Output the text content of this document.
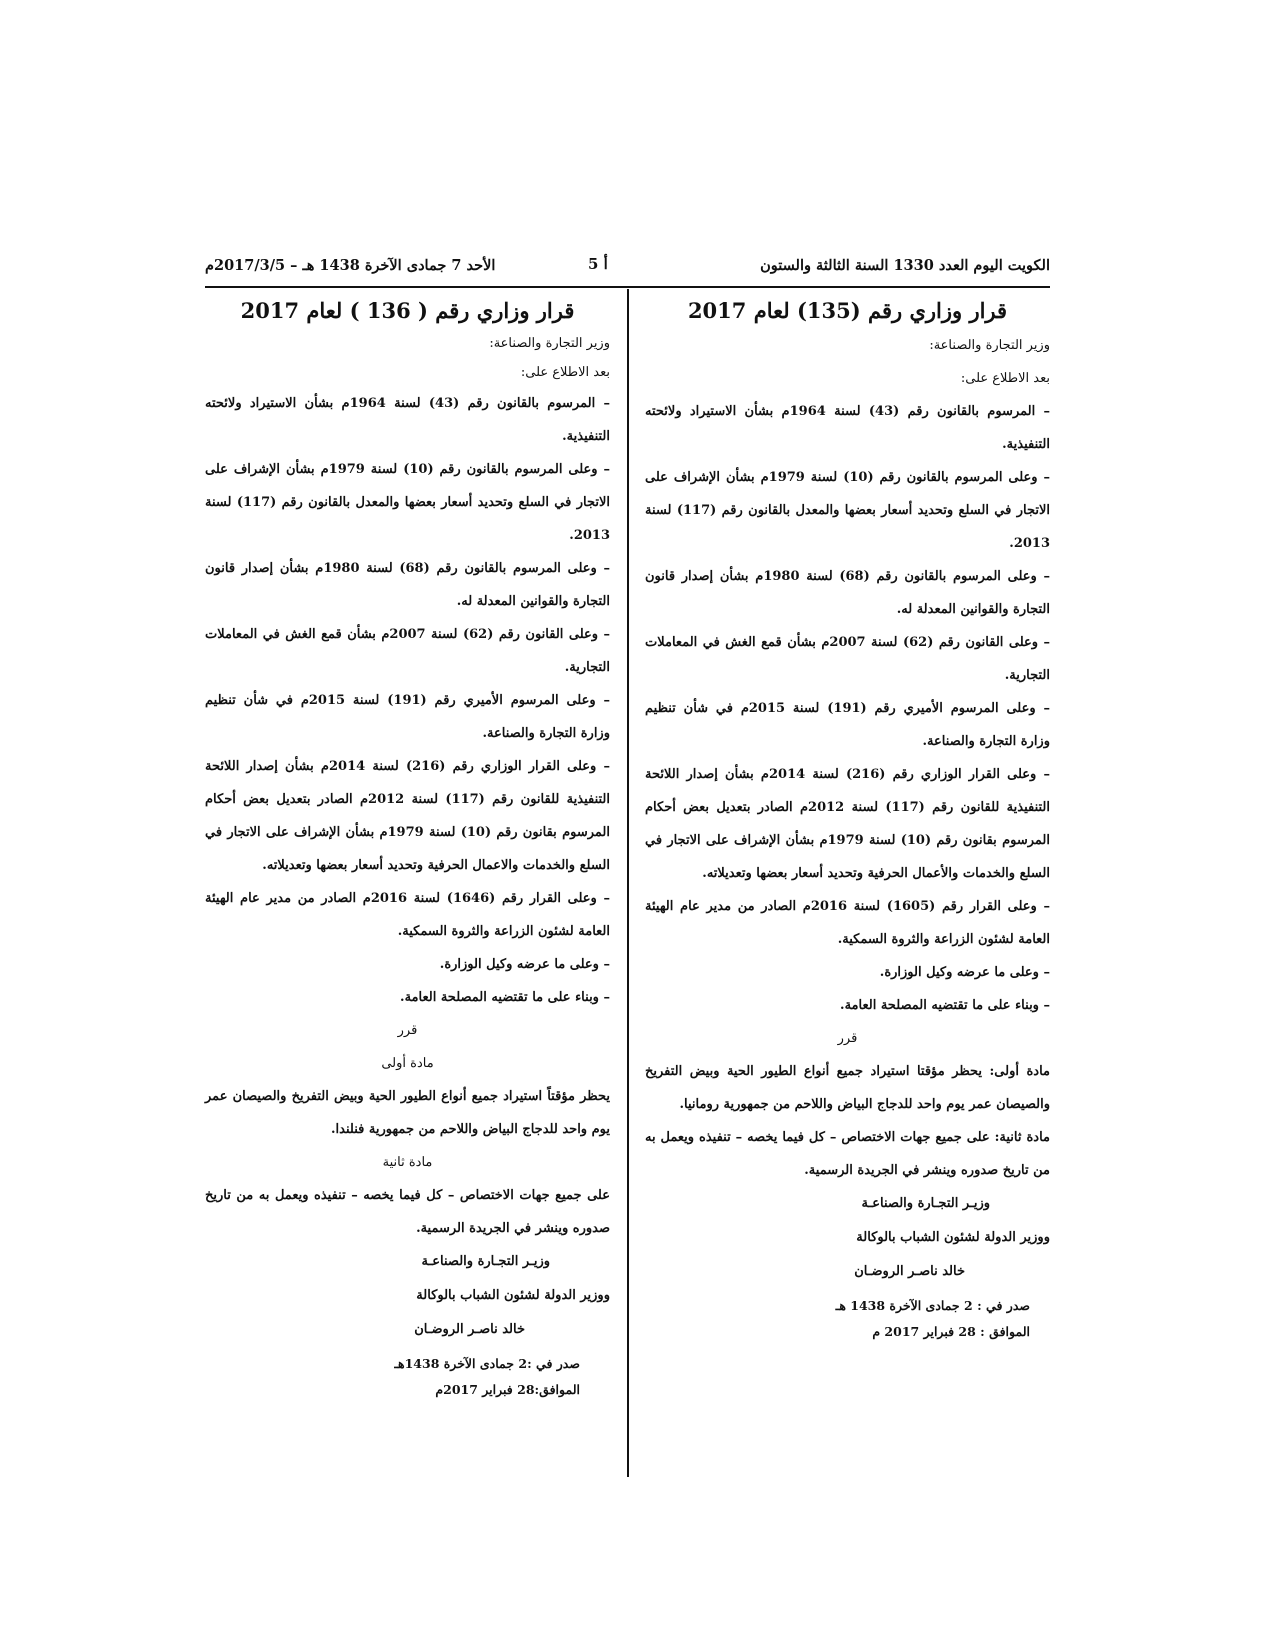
الكويت اليوم العدد 1330 السنة الثالثة والستون
أ 5
الأحد 7 جمادى الآخرة 1438 هـ – 2017/3/5م
قرار وزاري رقم (135) لعام 2017

وزير التجارة والصناعة:

بعد الاطلاع على:

– المرسوم بالقانون رقم (43) لسنة 1964م بشأن الاستيراد ولائحته التنفيذية.

– وعلى المرسوم بالقانون رقم (10) لسنة 1979م بشأن الإشراف على الاتجار في السلع وتحديد أسعار بعضها والمعدل بالقانون رقم (117) لسنة 2013.

– وعلى المرسوم بالقانون رقم (68) لسنة 1980م بشأن إصدار قانون التجارة والقوانين المعدلة له.

– وعلى القانون رقم (62) لسنة 2007م بشأن قمع الغش في المعاملات التجارية.

– وعلى المرسوم الأميري رقم (191) لسنة 2015م في شأن تنظيم وزارة التجارة والصناعة.

– وعلى القرار الوزاري رقم (216) لسنة 2014م بشأن إصدار اللائحة التنفيذية للقانون رقم (117) لسنة 2012م الصادر بتعديل بعض أحكام المرسوم بقانون رقم (10) لسنة 1979م بشأن الإشراف على الاتجار في السلع والخدمات والأعمال الحرفية وتحديد أسعار بعضها وتعديلاته.

– وعلى القرار رقم (1605) لسنة 2016م الصادر من مدير عام الهيئة العامة لشئون الزراعة والثروة السمكية.

– وعلى ما عرضه وكيل الوزارة.

– وبناء على ما تقتضيه المصلحة العامة.

قرر

مادة أولى: يحظر مؤقتا استيراد جميع أنواع الطيور الحية وبيض التفريخ والصيصان عمر يوم واحد للدجاج البياض واللاحم من جمهورية رومانيا.

مادة ثانية: على جميع جهات الاختصاص – كل فيما يخصه – تنفيذه ويعمل به من تاريخ صدوره وينشر في الجريدة الرسمية.

وزيـر التجـارة والصناعـة

ووزير الدولة لشئون الشباب بالوكالة

خالد ناصـر الروضـان

صدر في : 2 جمادى الآخرة 1438 هـ

الموافق : 28 فبراير 2017 م

قرار وزاري رقم ( 136 ) لعام 2017

وزير التجارة والصناعة:

بعد الاطلاع على:

– المرسوم بالقانون رقم (43) لسنة 1964م بشأن الاستيراد ولائحته التنفيذية.

– وعلى المرسوم بالقانون رقم (10) لسنة 1979م بشأن الإشراف على الاتجار في السلع وتحديد أسعار بعضها والمعدل بالقانون رقم (117) لسنة 2013.

– وعلى المرسوم بالقانون رقم (68) لسنة 1980م بشأن إصدار قانون التجارة والقوانين المعدلة له.

– وعلى القانون رقم (62) لسنة 2007م بشأن قمع الغش في المعاملات التجارية.

– وعلى المرسوم الأميري رقم (191) لسنة 2015م في شأن تنظيم وزارة التجارة والصناعة.

– وعلى القرار الوزاري رقم (216) لسنة 2014م بشأن إصدار اللائحة التنفيذية للقانون رقم (117) لسنة 2012م الصادر بتعديل بعض أحكام المرسوم بقانون رقم (10) لسنة 1979م بشأن الإشراف على الاتجار في السلع والخدمات والاعمال الحرفية وتحديد أسعار بعضها وتعديلاته.

– وعلى القرار رقم (1646) لسنة 2016م الصادر من مدير عام الهيئة العامة لشئون الزراعة والثروة السمكية.

– وعلى ما عرضه وكيل الوزارة.

– وبناء على ما تقتضيه المصلحة العامة.

قرر

مادة أولى

يحظر مؤقتاً استيراد جميع أنواع الطيور الحية وبيض التفريخ والصيصان عمر يوم واحد للدجاج البياض واللاحم من جمهورية فنلندا.

مادة ثانية

على جميع جهات الاختصاص – كل فيما يخصه – تنفيذه ويعمل به من تاريخ صدوره وينشر في الجريدة الرسمية.

وزيـر التجـارة والصناعـة

ووزير الدولة لشئون الشباب بالوكالة

خالد ناصـر الروضـان

صدر في :2 جمادى الآخرة 1438هـ

الموافق:28 فبراير 2017م
